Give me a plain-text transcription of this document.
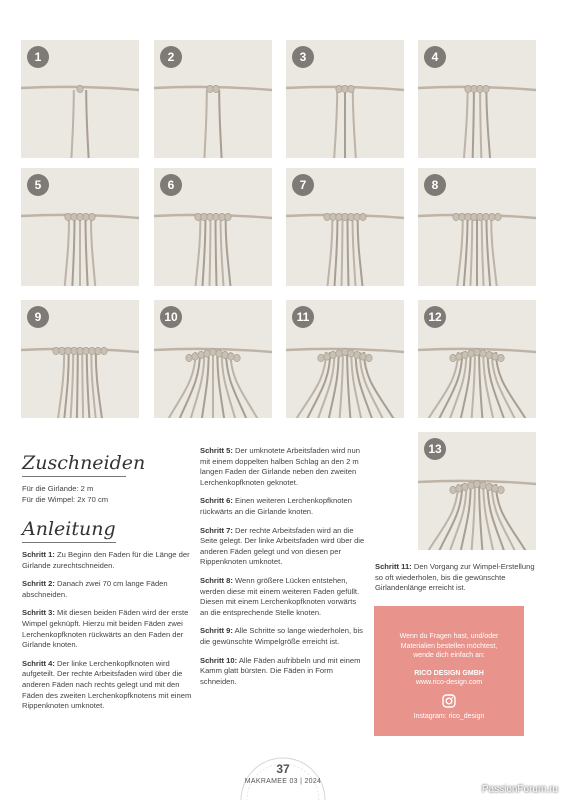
1	2	3	4
5	6	7	8
9	10	11	12
13
Zuschneiden
Für die Girlande: 2 m
Für die Wimpel: 2x 70 cm
Anleitung

Schritt 1: Zu Beginn den Faden für die Länge der Girlande zurechtschneiden.

Schritt 2: Danach zwei 70 cm lange Fäden abschneiden.

Schritt 3: Mit diesen beiden Fäden wird der erste Wimpel geknüpft. Hierzu mit beiden Fäden zwei Lerchenkopfknoten rückwärts an den Faden der Girlande knoten.

Schritt 4: Der linke Lerchenkopfknoten wird aufgeteilt. Der rechte Arbeitsfaden wird über die anderen Fäden nach rechts gelegt und mit den Fäden des zweiten Lerchenkopfknotens mit einem Rippenknoten umknotet.

Schritt 5: Der umknotete Arbeitsfaden wird nun mit einem doppelten halben Schlag an den 2 m langen Faden der Girlande neben den zweiten Lerchenkopfknoten geknotet.

Schritt 6: Einen weiteren Lerchenkopfknoten rückwärts an die Girlande knoten.

Schritt 7: Der rechte Arbeitsfaden wird an die Seite gelegt. Der linke Arbeitsfaden wird über die anderen Fäden gelegt und von diesen per Rippenknoten umknotet.

Schritt 8: Wenn größere Lücken entstehen, werden diese mit einem weiteren Faden gefüllt. Diesen mit einem Lerchenkopfknoten vorwärts an die entsprechende Stelle knoten.

Schritt 9: Alle Schritte so lange wiederholen, bis die gewünschte Wimpelgröße erreicht ist.

Schritt 10: Alle Fäden aufribbeln und mit einem Kamm glatt bürsten. Die Fäden in Form schneiden.

Schritt 11: Den Vorgang zur Wimpel-Erstellung so oft wiederholen, bis die gewünschte Girlandenlänge erreicht ist.

Wenn du Fragen hast, und/oder
Materialien bestellen möchtest,
wende dich einfach an:
RICO DESIGN GMBH
www.rico-design.com
Instagram: rico_design
37
MAKRAMEE 03 | 2024
PassionForum.ru
